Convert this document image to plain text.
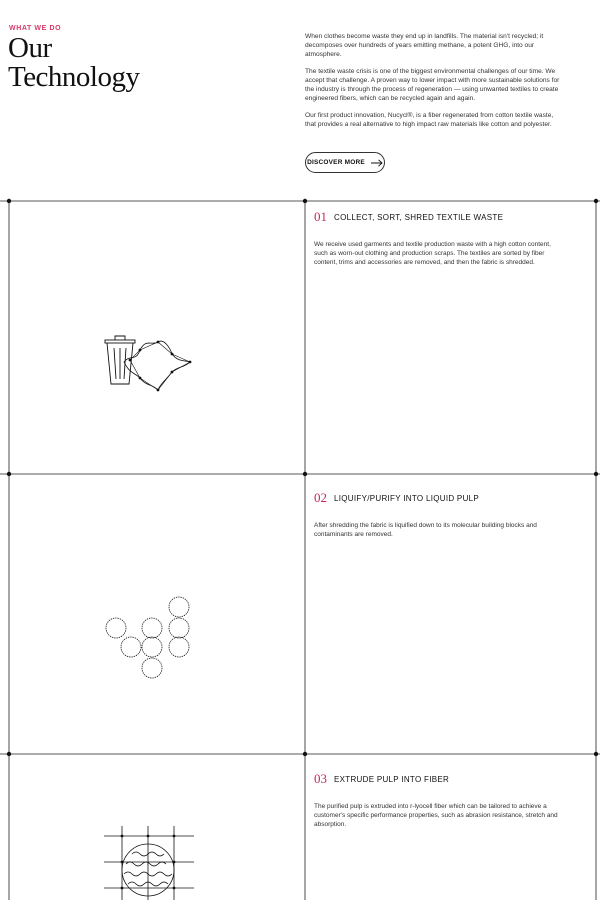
WHAT WE DO
Our
Technology

When clothes become waste they end up in landfills. The material isn't recycled; it decomposes over hundreds of years emitting methane, a potent GHG, into our atmosphere.

The textile waste crisis is one of the biggest environmental challenges of our time. We accept that challenge. A proven way to lower impact with more sustainable solutions for the industry is through the process of regeneration — using unwanted textiles to create engineered fibers, which can be recycled again and again.

Our first product innovation, Nucycl®, is a fiber regenerated from cotton textile waste, that provides a real alternative to high impact raw materials like cotton and polyester.

DISCOVER MORE
01 COLLECT, SORT, SHRED TEXTILE WASTE
We receive used garments and textile production waste with a high cotton content, such as worn-out clothing and production scraps. The textiles are sorted by fiber content, trims and accessories are removed, and then the fabric is shredded.
02 LIQUIFY/PURIFY INTO LIQUID PULP
After shredding the fabric is liquified down to its molecular building blocks and contaminants are removed.
03 EXTRUDE PULP INTO FIBER
The purified pulp is extruded into r-lyocell fiber which can be tailored to achieve a customer's specific performance properties, such as abrasion resistance, stretch and absorption.
